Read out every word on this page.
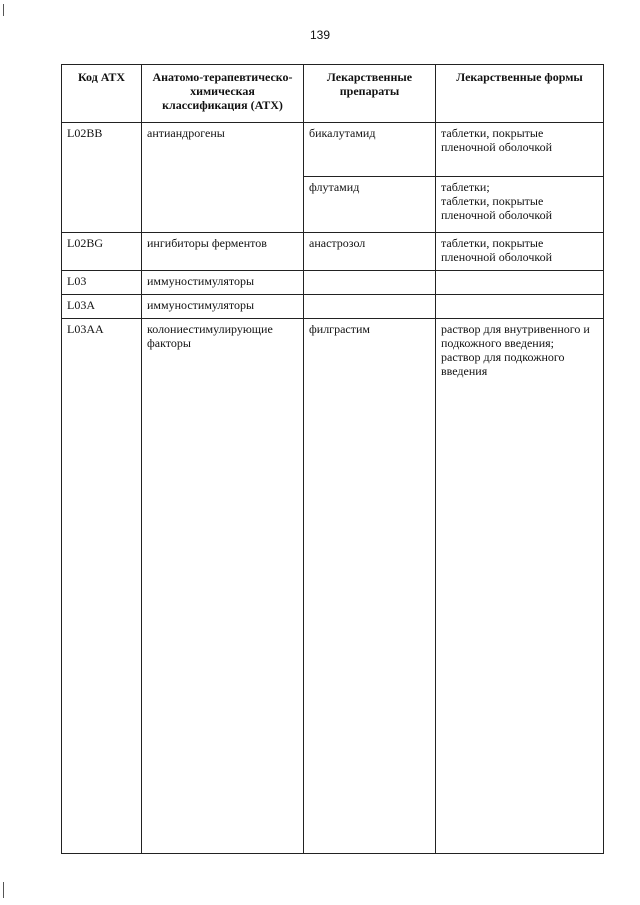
139
Код АТХ	Анатомо-терапевтическо-химическая классификация (АТХ)	Лекарственные препараты	Лекарственные формы
L02BB	антиандрогены	бикалутамид	таблетки, покрытые пленочной оболочкой
		флутамид	таблетки;
таблетки, покрытые пленочной оболочкой
L02BG	ингибиторы ферментов	анастрозол	таблетки, покрытые пленочной оболочкой
L03	иммуностимуляторы		
L03A	иммуностимуляторы		
L03AA	колониестимулирующие факторы	филграстим	раствор для внутривенного и подкожного введения;
раствор для подкожного введения
